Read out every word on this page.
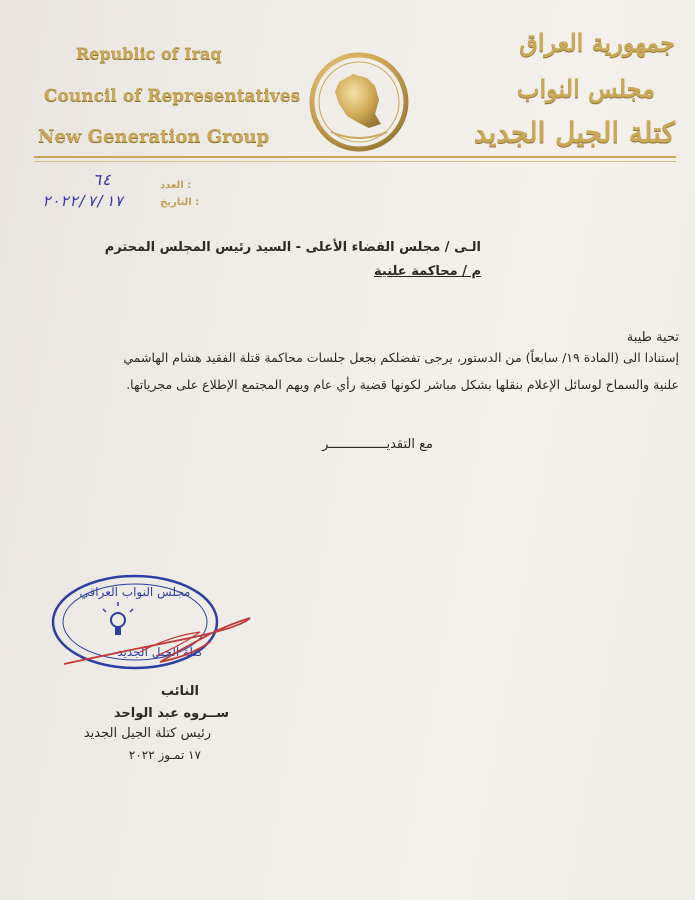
Republic of Iraq
Council of Representatives
New Generation Group
جمهورية العراق
مجلس النواب
كتلة الجيل الجديد
العدد :
التاريخ :
٦٤
٢٠٢٢/٧/١٧
الـى / مجلس القضاء الأعلى - السيد رئيس المجلس المحترم
م / محاكمة علنية
تحية طيبة
إستنادا الى (المادة ١٩/ سابعاً) من الدستور، يرجى تفضلكم بجعل جلسات محاكمة قتلة الفقيد هشام الهاشمي
علنية والسماح لوسائل الإعلام بنقلها بشكل مباشر لكونها قضية رأي عام ويهم المجتمع الإطلاع على مجرياتها.
مع التقديـــــــــــــــر
مجلس النواب العراقي
كتلة الجيل الجديد
النائب
ســروه عبد الواحد
رئيس كتلة الجيل الجديد
١٧ تمـوز ٢٠٢٢
